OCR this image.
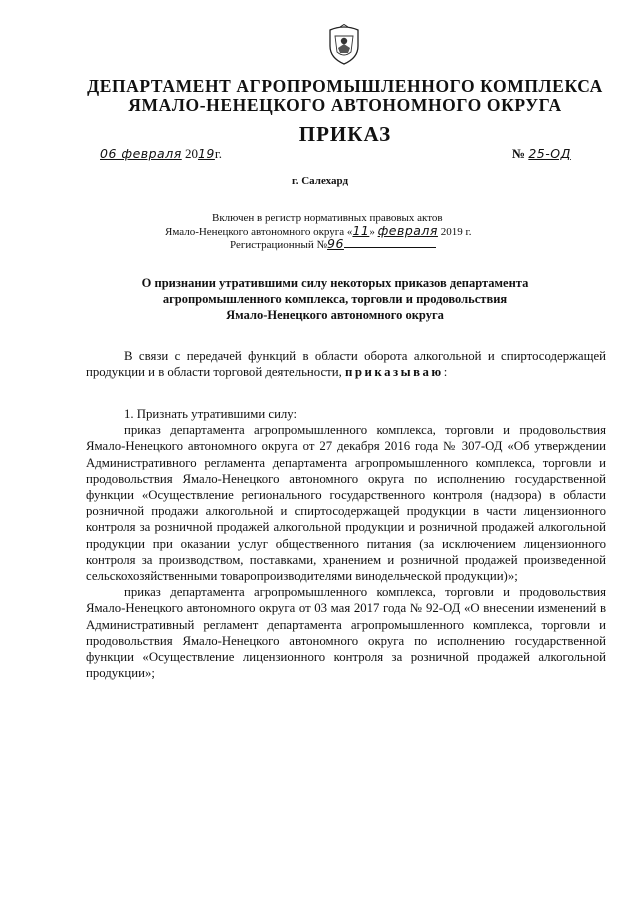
ДЕПАРТАМЕНТ АГРОПРОМЫШЛЕННОГО КОМПЛЕКСА
ЯМАЛО-НЕНЕЦКОГО АВТОНОМНОГО ОКРУГА
ПРИКАЗ
06 февраля 2019г.	№ 25-ОД
г. Салехард
Включен в регистр нормативных правовых актов
Ямало-Ненецкого автономного округа «11» февраля 2019 г.
Регистрационный №96
О признании утратившими силу некоторых приказов департамента
агропромышленного комплекса, торговли и продовольствия
Ямало-Ненецкого автономного округа
В связи с передачей функций в области оборота алкогольной и спиртосодержащей продукции и в области торговой деятельности, приказываю:

1. Признать утратившими силу:

приказ департамента агропромышленного комплекса, торговли и продовольствия Ямало-Ненецкого автономного округа от 27 декабря 2016 года № 307-ОД «Об утверждении Административного регламента департамента агропромышленного комплекса, торговли и продовольствия Ямало-Ненецкого автономного округа по исполнению государственной функции «Осуществление регионального государственного контроля (надзора) в области розничной продажи алкогольной и спиртосодержащей продукции в части лицензионного контроля за розничной продажей алкогольной продукции и розничной продажей алкогольной продукции при оказании услуг общественного питания (за исключением лицензионного контроля за производством, поставками, хранением и розничной продажей произведенной сельскохозяйственными товаропроизводителями винодельческой продукции)»;

приказ департамента агропромышленного комплекса, торговли и продовольствия Ямало-Ненецкого автономного округа от 03 мая 2017 года № 92-ОД «О внесении изменений в Административный регламент департамента агропромышленного комплекса, торговли и продовольствия Ямало-Ненецкого автономного округа по исполнению государственной функции «Осуществление лицензионного контроля за розничной продажей алкогольной продукции»;
